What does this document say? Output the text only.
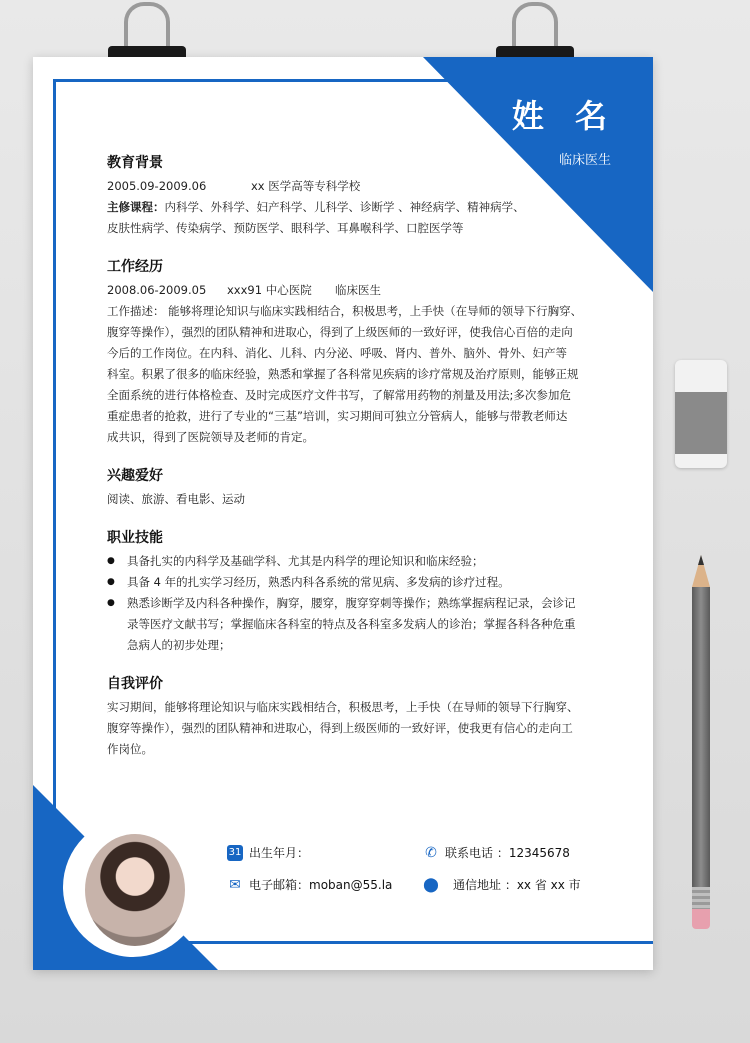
姓 名
临床医生
教育背景
2005.09-2009.06	xx 医学高等专科学校
主修课程：内科学、外科学、妇产科学、儿科学、诊断学 、神经病学、精神病学、
皮肤性病学、传染病学、预防医学、眼科学、耳鼻喉科学、口腔医学等
工作经历
2008.06-2009.05	xxx91 中心医院	临床医生
工作描述： 能够将理论知识与临床实践相结合，积极思考，上手快（在导师的领导下行胸穿、
腹穿等操作），强烈的团队精神和进取心，得到了上级医师的一致好评，使我信心百倍的走向
今后的工作岗位。在内科、消化、儿科、内分泌、呼吸、肾内、普外、脑外、骨外、妇产等
科室。积累了很多的临床经验，熟悉和掌握了各科常见疾病的诊疗常规及治疗原则，能够正规
全面系统的进行体格检查、及时完成医疗文件书写，了解常用药物的剂量及用法;多次参加危
重症患者的抢救，进行了专业的“三基”培训，实习期间可独立分管病人，能够与带教老师达
成共识，得到了医院领导及老师的肯定。
兴趣爱好
阅读、旅游、看电影、运动
职业技能
● 具备扎实的内科学及基础学科、尤其是内科学的理论知识和临床经验；
● 具备 4 年的扎实学习经历，熟悉内科各系统的常见病、多发病的诊疗过程。
● 熟悉诊断学及内科各种操作，胸穿，腰穿，腹穿穿刺等操作；熟练掌握病程记录，会诊记
录等医疗文献书写；掌握临床各科室的特点及各科室多发病人的诊治；掌握各科各种危重
急病人的初步处理；
自我评价
实习期间，能够将理论知识与临床实践相结合，积极思考，上手快（在导师的领导下行胸穿、
腹穿等操作），强烈的团队精神和进取心，得到上级医师的一致好评，使我更有信心的走向工
作岗位。
31 出生年月：	✆ 联系电话 ：12345678
✉ 电子邮箱：moban@55.la ⬤ 通信地址 ：xx 省 xx 市
